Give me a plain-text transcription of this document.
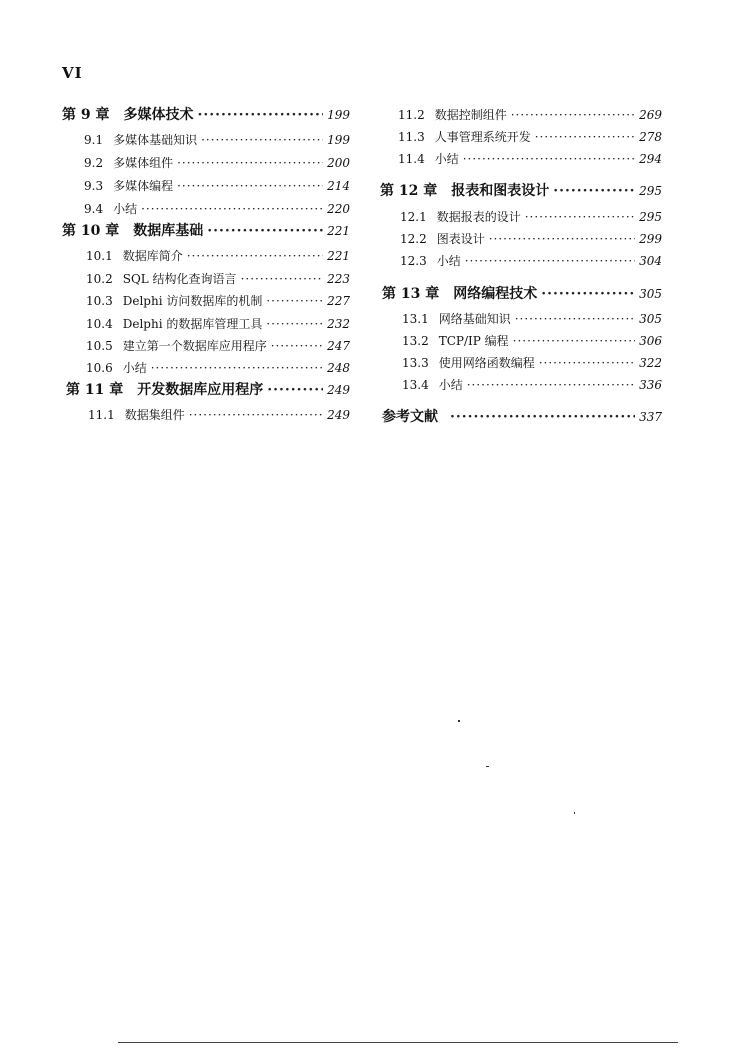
VI
第 9 章 多媒体技术 ·····	199
9.1 多媒体基础知识 ·····	199
9.2 多媒体组件 ·····	200
9.3 多媒体编程 ·····	214
9.4 小结 ·····	220
第 10 章 数据库基础 ·····	221
10.1 数据库简介 ·····	221
10.2 SQL 结构化查询语言 ·····	223
10.3 Delphi 访问数据库的机制 ·····	227
10.4 Delphi 的数据库管理工具 ·····	232
10.5 建立第一个数据库应用程序 ·····	247
10.6 小结 ·····	248
第 11 章 开发数据库应用程序 ·····	249
11.1 数据集组件 ·····	249
11.2 数据控制组件 ·····	269
11.3 人事管理系统开发 ·····	278
11.4 小结 ·····	294
第 12 章 报表和图表设计 ·····	295
12.1 数据报表的设计 ·····	295
12.2 图表设计 ·····	299
12.3 小结 ·····	304
第 13 章 网络编程技术 ·····	305
13.1 网络基础知识 ·····	305
13.2 TCP/IP 编程 ·····	306
13.3 使用网络函数编程 ·····	322
13.4 小结 ·····	336
参考文献 ·····	337
